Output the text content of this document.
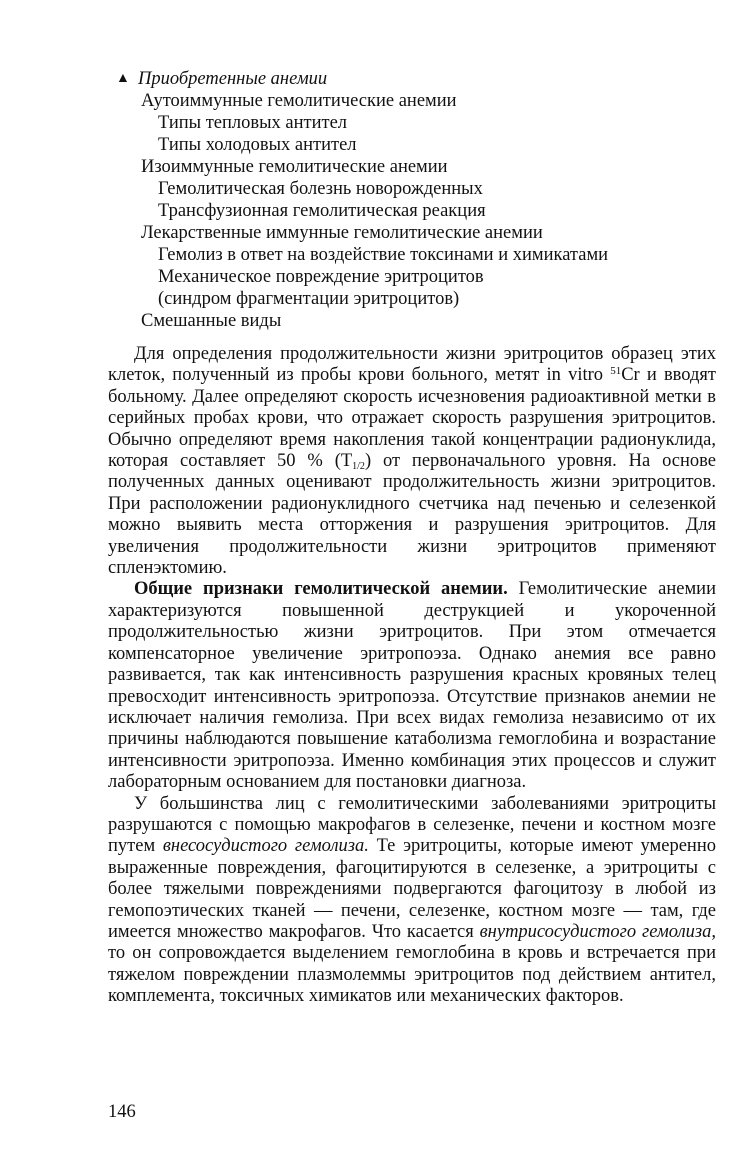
▲ Приобретенные анемии
Аутоиммунные гемолитические анемии
Типы тепловых антител
Типы холодовых антител
Изоиммунные гемолитические анемии
Гемолитическая болезнь новорожденных
Трансфузионная гемолитическая реакция
Лекарственные иммунные гемолитические анемии
Гемолиз в ответ на воздействие токсинами и химикатами
Механическое повреждение эритроцитов
(синдром фрагментации эритроцитов)
Смешанные виды

Для определения продолжительности жизни эритроцитов образец этих клеток, полученный из пробы крови больного, метят in vitro $^{51}$Cr и вводят больному. Далее определяют скорость исчезновения радиоактивной метки в серийных пробах крови, что отражает скорость разрушения эритроцитов. Обычно определяют время накопления такой концентрации радионуклида, которая составляет 50 % $(T_{1/2})$ от первоначального уровня. На основе полученных данных оценивают продолжительность жизни эритроцитов. При расположении радионуклидного счетчика над печенью и селезенкой можно выявить места отторжения и разрушения эритроцитов. Для увеличения продолжительности жизни эритроцитов применяют спленэктомию.

Общие признаки гемолитической анемии. Гемолитические анемии характеризуются повышенной деструкцией и укороченной продолжительностью жизни эритроцитов. При этом отмечается компенсаторное увеличение эритропоэза. Однако анемия все равно развивается, так как интенсивность разрушения красных кровяных телец превосходит интенсивность эритропоэза. Отсутствие признаков анемии не исключает наличия гемолиза. При всех видах гемолиза независимо от их причины наблюдаются повышение катаболизма гемоглобина и возрастание интенсивности эритропоэза. Именно комбинация этих процессов и служит лабораторным основанием для постановки диагноза.

У большинства лиц с гемолитическими заболеваниями эритроциты разрушаются с помощью макрофагов в селезенке, печени и костном мозге путем внесосудистого гемолиза. Те эритроциты, которые имеют умеренно выраженные повреждения, фагоцитируются в селезенке, а эритроциты с более тяжелыми повреждениями подвергаются фагоцитозу в любой из гемопоэтических тканей — печени, селезенке, костном мозге — там, где имеется множество макрофагов. Что касается внутрисосудистого гемолиза, то он сопровождается выделением гемоглобина в кровь и встречается при тяжелом повреждении плазмолеммы эритроцитов под действием антител, комплемента, токсичных химикатов или механических факторов.

146
